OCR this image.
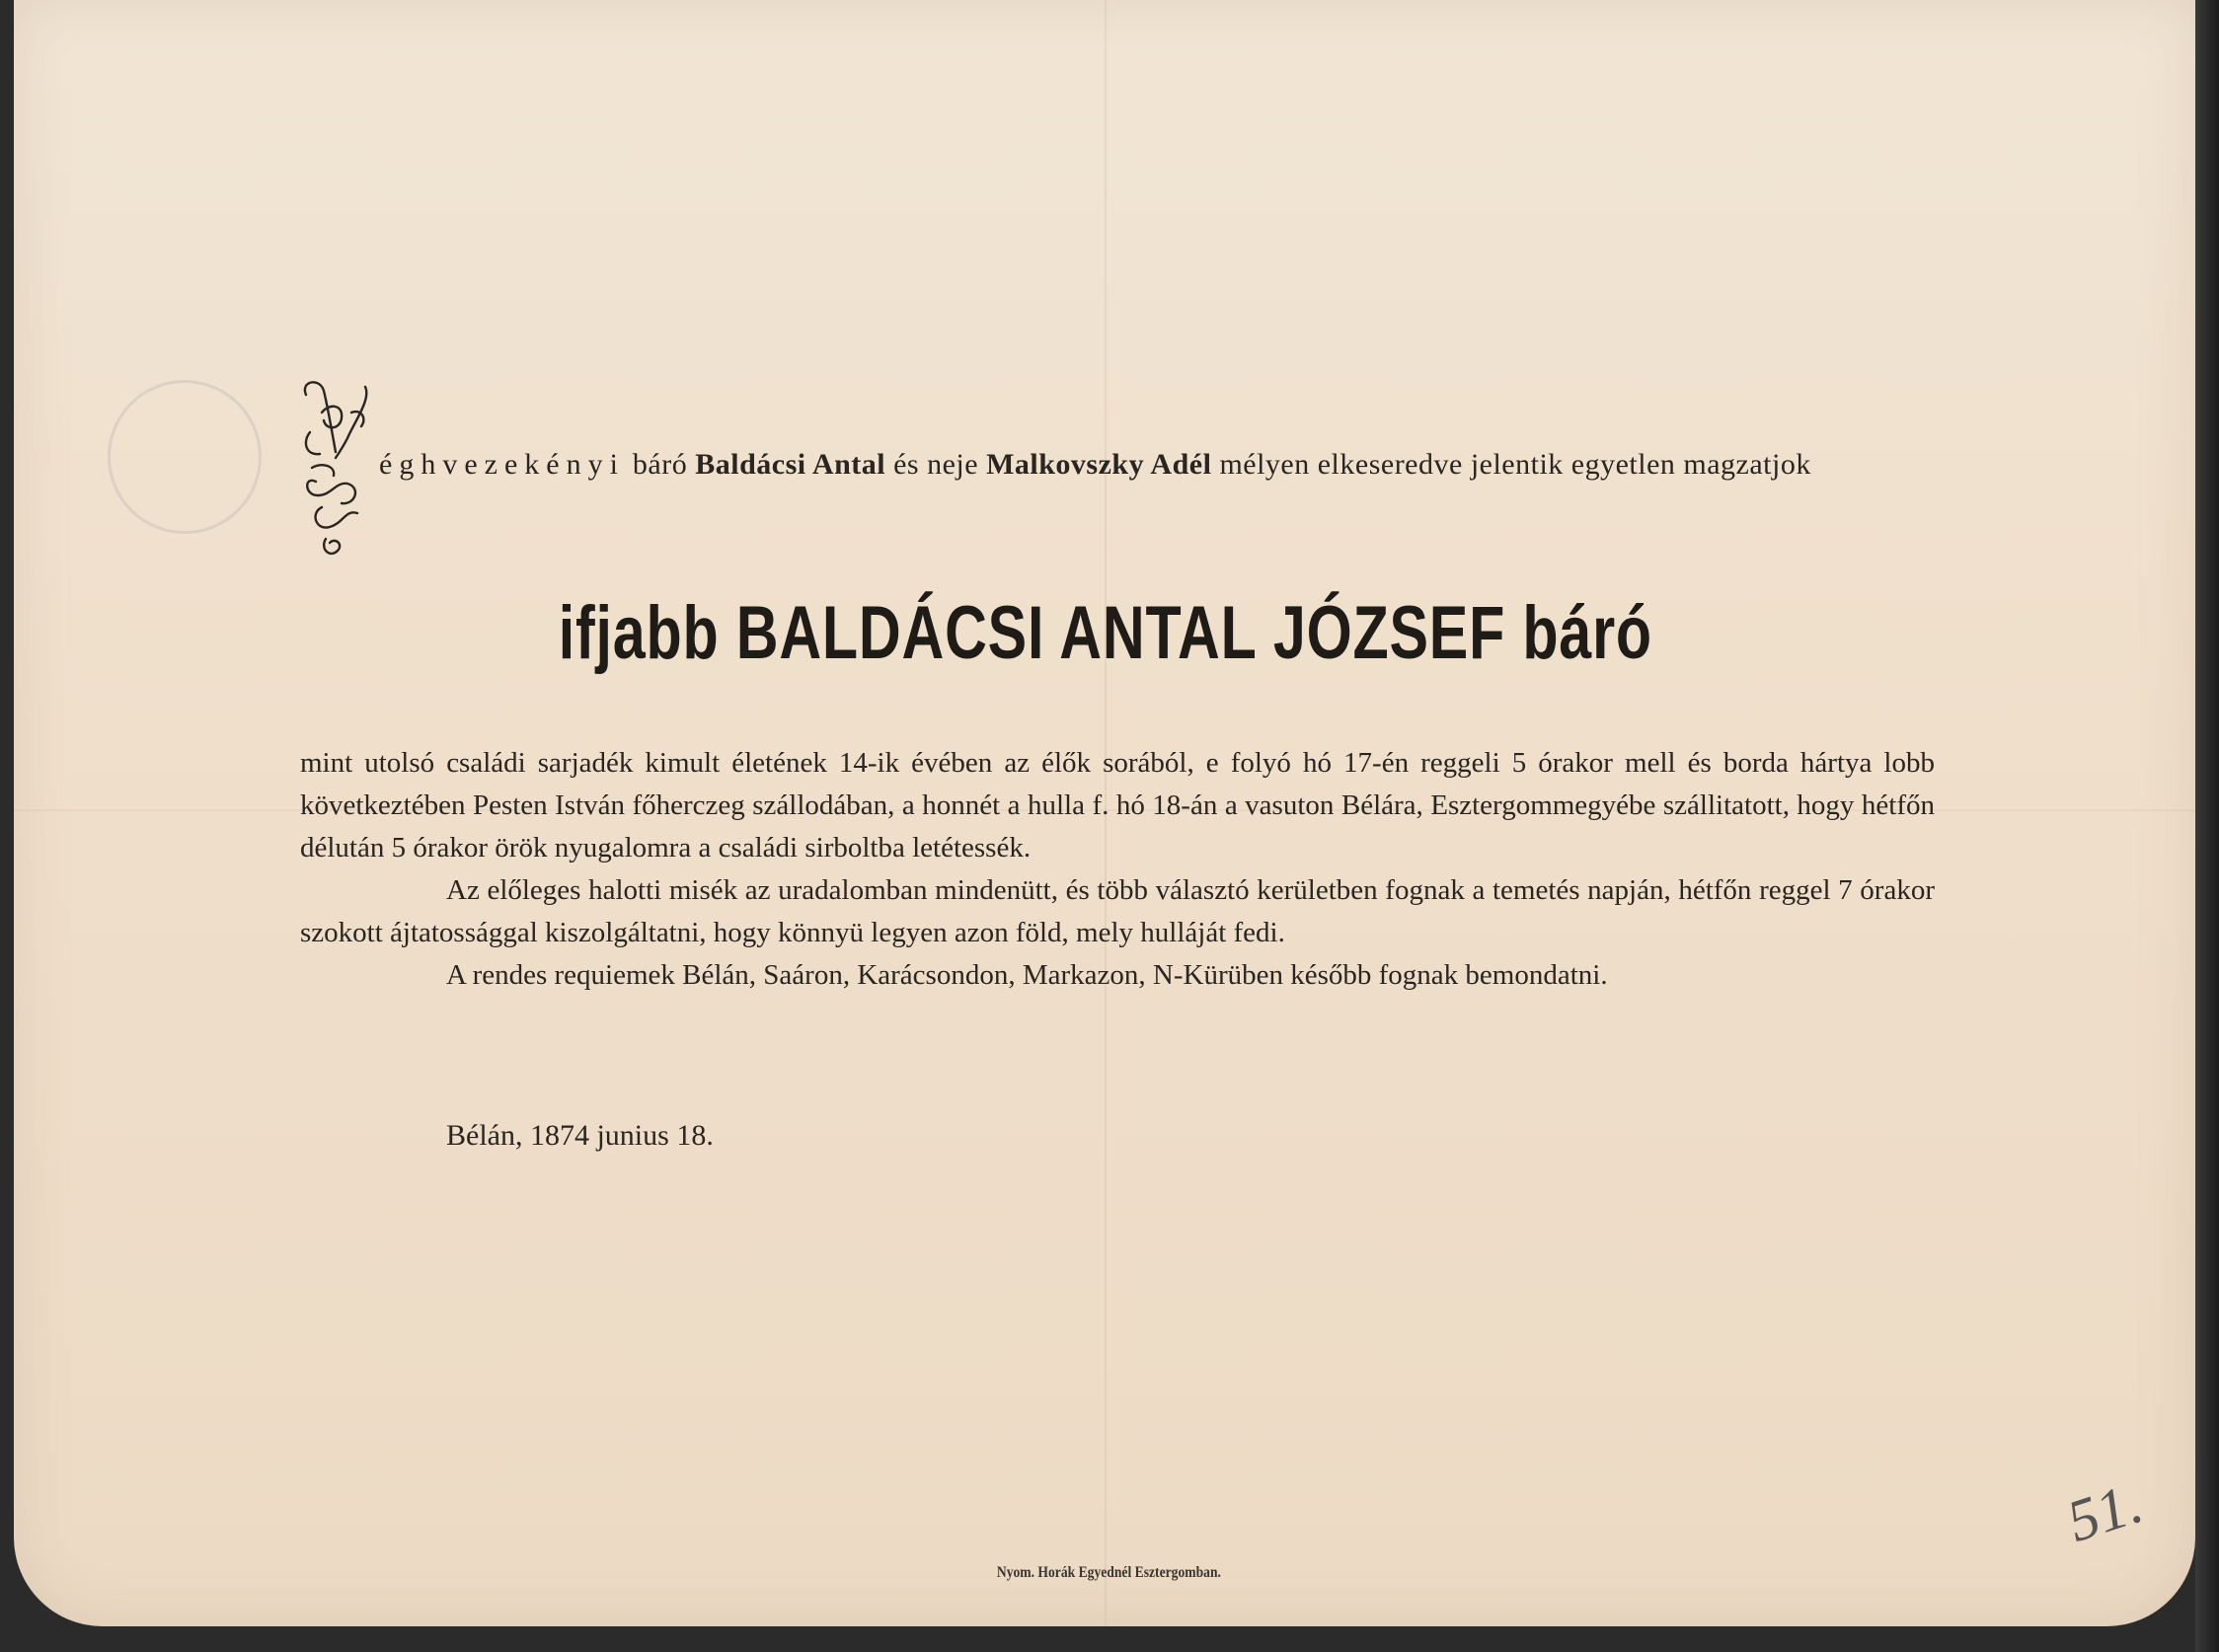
éghvezekényi báró Baldácsi Antal és neje Malkovszky Adél mélyen elkeseredve jelentik egyetlen magzatjok
ifjabb BALDÁCSI ANTAL JÓZSEF báró

mint utolsó családi sarjadék kimult életének 14-ik évében az élők sorából, e folyó hó 17-én reggeli 5 órakor mell és borda hártya lobb következtében Pesten István főherczeg szállodában, a honnét a hulla f. hó 18-án a vasuton Bélára, Esztergommegyébe szállitatott, hogy hétfőn délután 5 órakor örök nyugalomra a családi sirboltba letétessék.

Az előleges halotti misék az uradalomban mindenütt, és több választó kerületben fognak a temetés napján, hétfőn reggel 7 órakor szokott ájtatossággal kiszolgáltatni, hogy könnyü legyen azon föld, mely hulláját fedi.

A rendes requiemek Bélán, Saáron, Karácsondon, Markazon, N-Kürüben később fognak bemondatni.

Bélán, 1874 junius 18.
Nyom. Horák Egyednél Esztergomban.
51.
